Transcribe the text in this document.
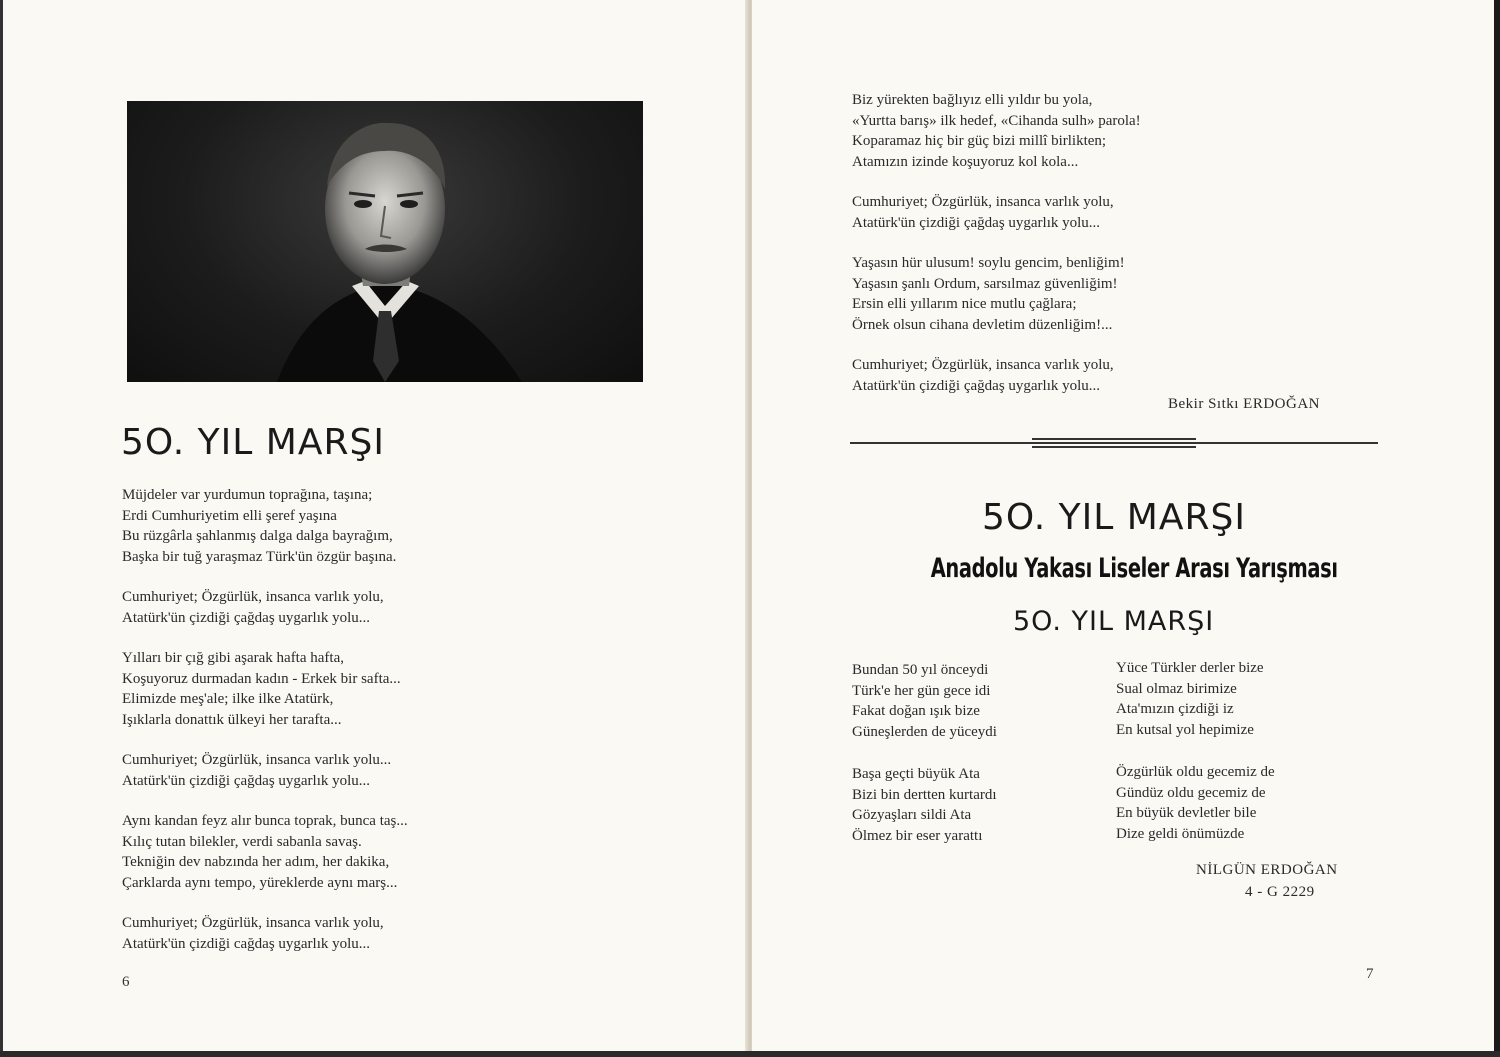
5O. YIL MARŞI
Müjdeler var yurdumun toprağına, taşına;
Erdi Cumhuriyetim elli şeref yaşına
Bu rüzgârla şahlanmış dalga dalga bayrağım,
Başka bir tuğ yaraşmaz Türk'ün özgür başına.
Cumhuriyet; Özgürlük, insanca varlık yolu,
Atatürk'ün çizdiği çağdaş uygarlık yolu...
Yılları bir çığ gibi aşarak hafta hafta,
Koşuyoruz durmadan kadın - Erkek bir safta...
Elimizde meş'ale; ilke ilke Atatürk,
Işıklarla donattık ülkeyi her tarafta...
Cumhuriyet; Özgürlük, insanca varlık yolu...
Atatürk'ün çizdiği çağdaş uygarlık yolu...
Aynı kandan feyz alır bunca toprak, bunca taş...
Kılıç tutan bilekler, verdi sabanla savaş.
Tekniğin dev nabzında her adım, her dakika,
Çarklarda aynı tempo, yüreklerde aynı marş...
Cumhuriyet; Özgürlük, insanca varlık yolu,
Atatürk'ün çizdiği cağdaş uygarlık yolu...
6
Biz yürekten bağlıyız elli yıldır bu yola,
«Yurtta barış» ilk hedef, «Cihanda sulh» parola!
Koparamaz hiç bir güç bizi millî birlikten;
Atamızın izinde koşuyoruz kol kola...
Cumhuriyet; Özgürlük, insanca varlık yolu,
Atatürk'ün çizdiği çağdaş uygarlık yolu...
Yaşasın hür ulusum! soylu gencim, benliğim!
Yaşasın şanlı Ordum, sarsılmaz güvenliğim!
Ersin elli yıllarım nice mutlu çağlara;
Örnek olsun cihana devletim düzenliğim!...
Cumhuriyet; Özgürlük, insanca varlık yolu,
Atatürk'ün çizdiği çağdaş uygarlık yolu...
Bekir Sıtkı ERDOĞAN
5O. YIL MARŞI
Anadolu Yakası Liseler Arası Yarışması
5O. YIL MARŞI
Bundan 50 yıl önceydi
Türk'e her gün gece idi
Fakat doğan ışık bize
Güneşlerden de yüceydi
Başa geçti büyük Ata
Bizi bin dertten kurtardı
Gözyaşları sildi Ata
Ölmez bir eser yarattı
Yüce Türkler derler bize
Sual olmaz birimize
Ata'mızın çizdiği iz
En kutsal yol hepimize
Özgürlük oldu gecemiz de
Gündüz oldu gecemiz de
En büyük devletler bile
Dize geldi önümüzde
NİLGÜN ERDOĞAN
4 - G 2229
7
